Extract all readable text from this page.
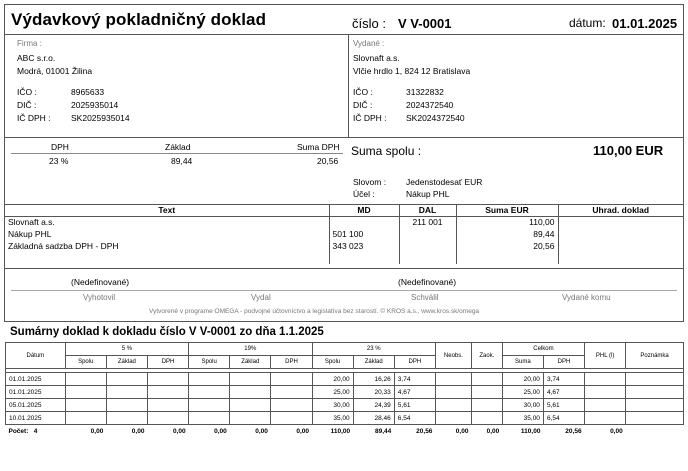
Výdavkový pokladničný doklad	číslo : V V-0001	dátum: 01.01.2025
Firma :
ABC s.r.o.
Modrá, 01001 Žilina
IČO :	8965633
DIČ :	2025935014
IČ DPH : SK2025935014
Vydané :
Slovnaft a.s.
Vlčie hrdlo 1, 824 12 Bratislava
IČO :	31322832
DIČ :	2024372540
IČ DPH : SK2024372540
DPH	Základ	Suma DPH
23 %	89,44	20,56
Suma spolu :	110,00 EUR
Slovom : Jedenstodesať EUR
Účel :	Nákup PHL
Text	MD	DAL	Suma EUR	Uhrad. doklad
Slovnaft a.s.		211 001	110,00	
Nákup PHL	501 100		89,44	
Základná sadzba DPH - DPH	343 023		20,56	

(Nedefinované)	(Nedefinované)
Vyhotovil	Vydal	Schválil	Vydané komu
Vytvorené v programe OMEGA - podvojné účtovníctvo a legislatíva bez starostí. © KROS a.s., www.kros.sk/omega
Sumárny doklad k dokladu číslo V V-0001 zo dňa 1.1.2025
Dátum	5 %			19%			23 %			Neobs.	Zaok.	Celkom		PHL (l)	Poznámka
	Spolu	Základ	DPH	Spolu	Základ	DPH	Spolu	Základ	DPH			Suma	DPH		

01.01.2025							20,00	16,26	3,74			20,00	3,74		
01.01.2025							25,00	20,33	4,67			25,00	4,67		
05.01.2025							30,00	24,39	5,61			30,00	5,61		
10.01.2025							35,00	28,46	6,54			35,00	6,54		
Počet: 4	0,00	0,00	0,00	0,00	0,00	0,00	110,00	89,44	20,56	0,00	0,00	110,00	20,56	0,00	
